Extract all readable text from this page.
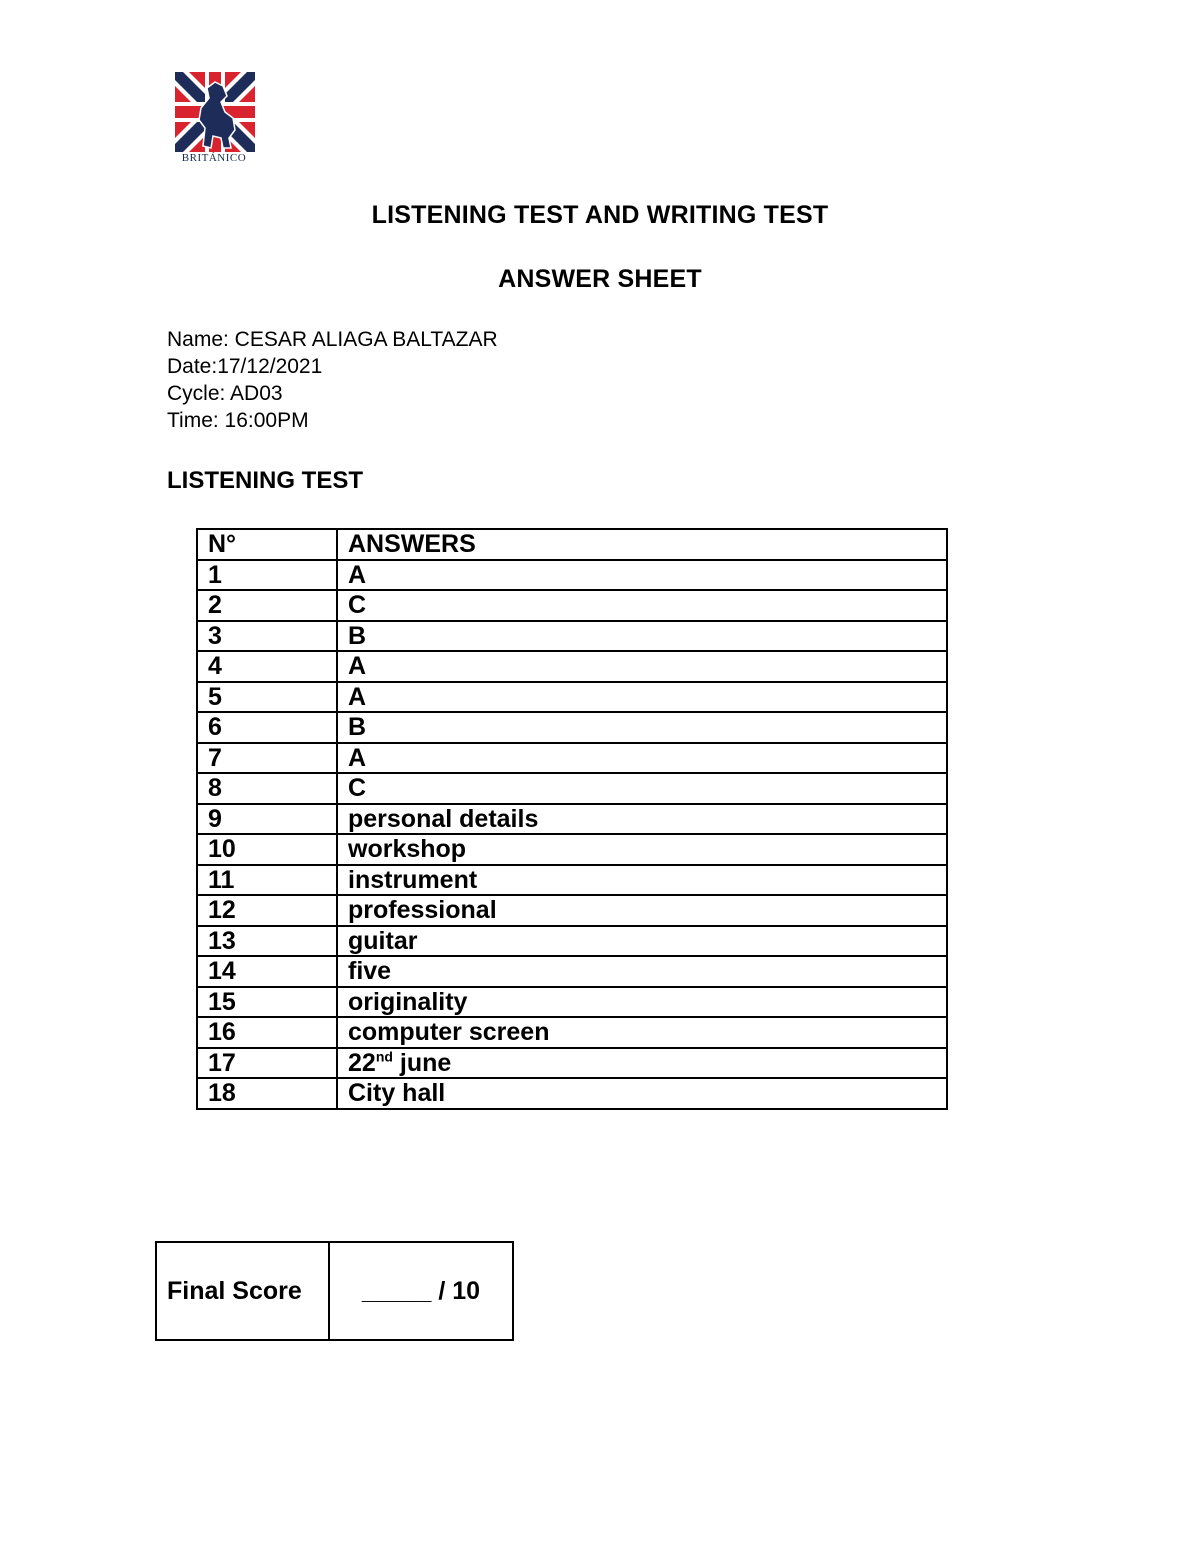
BRITÁNICO
LISTENING TEST AND WRITING TEST
ANSWER SHEET
Name: CESAR ALIAGA BALTAZAR
Date:17/12/2021
Cycle: AD03
Time: 16:00PM
LISTENING TEST
N°	ANSWERS
1	A
2	C
3	B
4	A
5	A
6	B
7	A
8	C
9	personal details
10	workshop
11	instrument
12	professional
13	guitar
14	five
15	originality
16	computer screen
17	22nd june
18	City hall
Final Score	_____ / 10
